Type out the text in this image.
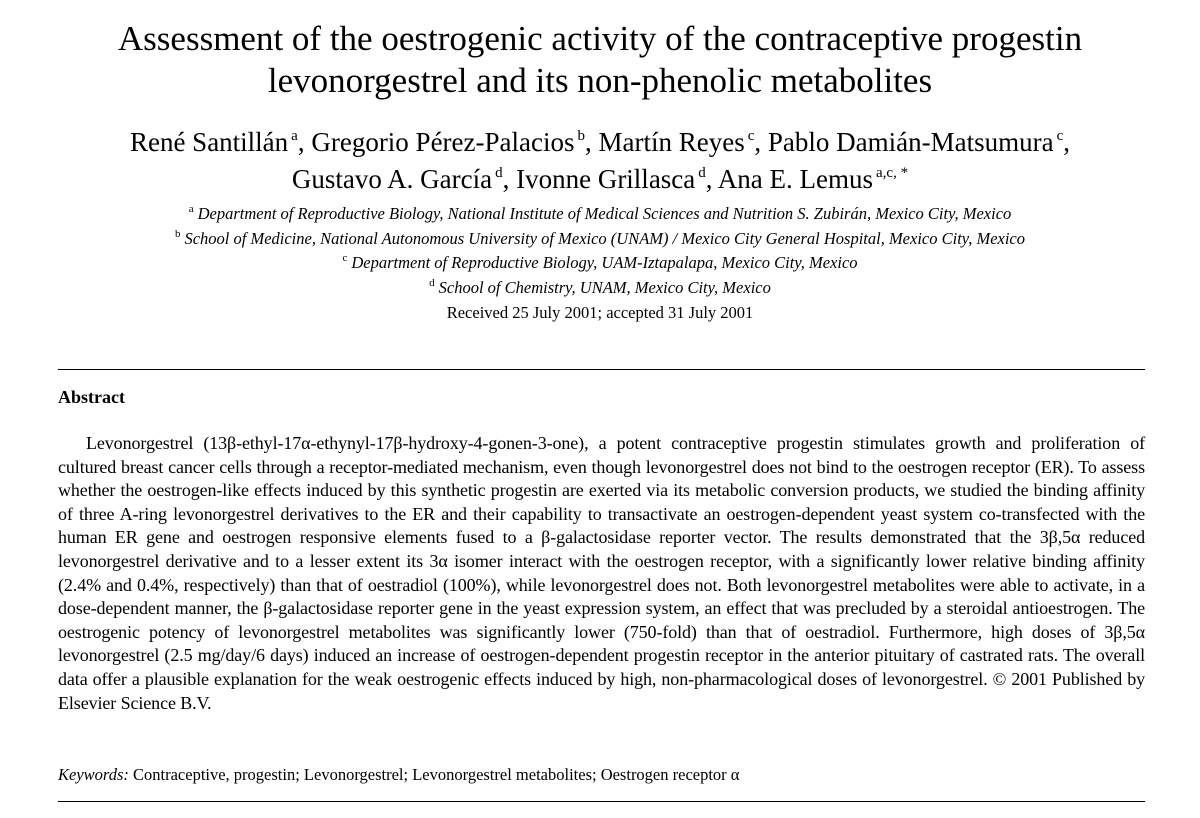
Assessment of the oestrogenic activity of the contraceptive progestin
levonorgestrel and its non-phenolic metabolites
René Santillán $^a$, Gregorio Pérez-Palacios $^b$, Martín Reyes $^c$, Pablo Damián-Matsumura $^c$,
Gustavo A. García $^d$, Ivonne Grillasca $^d$, Ana E. Lemus $^{a,c, *}$
$^a$ Department of Reproductive Biology, National Institute of Medical Sciences and Nutrition S. Zubirán, Mexico City, Mexico
$^b$ School of Medicine, National Autonomous University of Mexico (UNAM) / Mexico City General Hospital, Mexico City, Mexico
$^c$ Department of Reproductive Biology, UAM-Iztapalapa, Mexico City, Mexico
$^d$ School of Chemistry, UNAM, Mexico City, Mexico
Received 25 July 2001; accepted 31 July 2001
Abstract

Levonorgestrel (13β-ethyl-17α-ethynyl-17β-hydroxy-4-gonen-3-one), a potent contraceptive progestin stimulates growth and proliferation of cultured breast cancer cells through a receptor-mediated mechanism, even though levonorgestrel does not bind to the oestrogen receptor (ER). To assess whether the oestrogen-like effects induced by this synthetic progestin are exerted via its metabolic conversion products, we studied the binding affinity of three A-ring levonorgestrel derivatives to the ER and their capability to transactivate an oestrogen-dependent yeast system co-transfected with the human ER gene and oestrogen responsive elements fused to a β-galactosidase reporter vector. The results demonstrated that the 3β,5α reduced levonorgestrel derivative and to a lesser extent its 3α isomer interact with the oestrogen receptor, with a significantly lower relative binding affinity (2.4% and 0.4%, respectively) than that of oestradiol (100%), while levonorgestrel does not. Both levonorgestrel metabolites were able to activate, in a dose-dependent manner, the β-galactosidase reporter gene in the yeast expression system, an effect that was precluded by a steroidal antioestrogen. The oestrogenic potency of levonorgestrel metabolites was significantly lower (750-fold) than that of oestradiol. Furthermore, high doses of 3β,5α levonorgestrel (2.5 mg/day/6 days) induced an increase of oestrogen-dependent progestin receptor in the anterior pituitary of castrated rats. The overall data offer a plausible explanation for the weak oestrogenic effects induced by high, non-pharmacological doses of levonorgestrel. © 2001 Published by Elsevier Science B.V.

Keywords: Contraceptive, progestin; Levonorgestrel; Levonorgestrel metabolites; Oestrogen receptor α
